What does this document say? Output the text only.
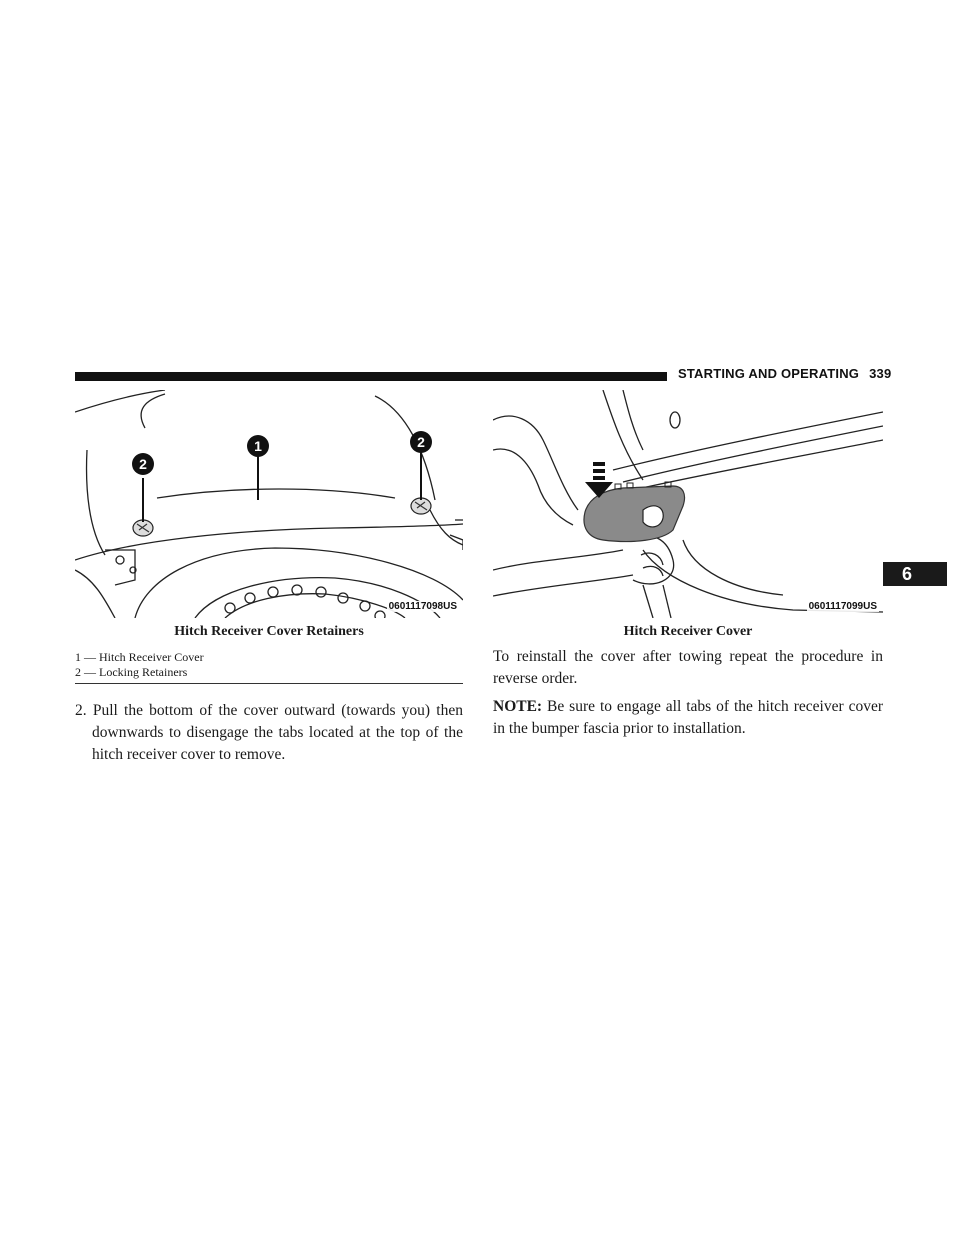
STARTING AND OPERATING 339
6
2
1	2
0601117098US	0601117099US
Hitch Receiver Cover Retainers	Hitch Receiver Cover
1 — Hitch Receiver Cover
2 — Locking Retainers
2. Pull the bottom of the cover outward (towards you) then downwards to disengage the tabs located at the top of the hitch receiver cover to remove.
To reinstall the cover after towing repeat the procedure in reverse order.
NOTE: Be sure to engage all tabs of the hitch receiver cover in the bumper fascia prior to installation.
